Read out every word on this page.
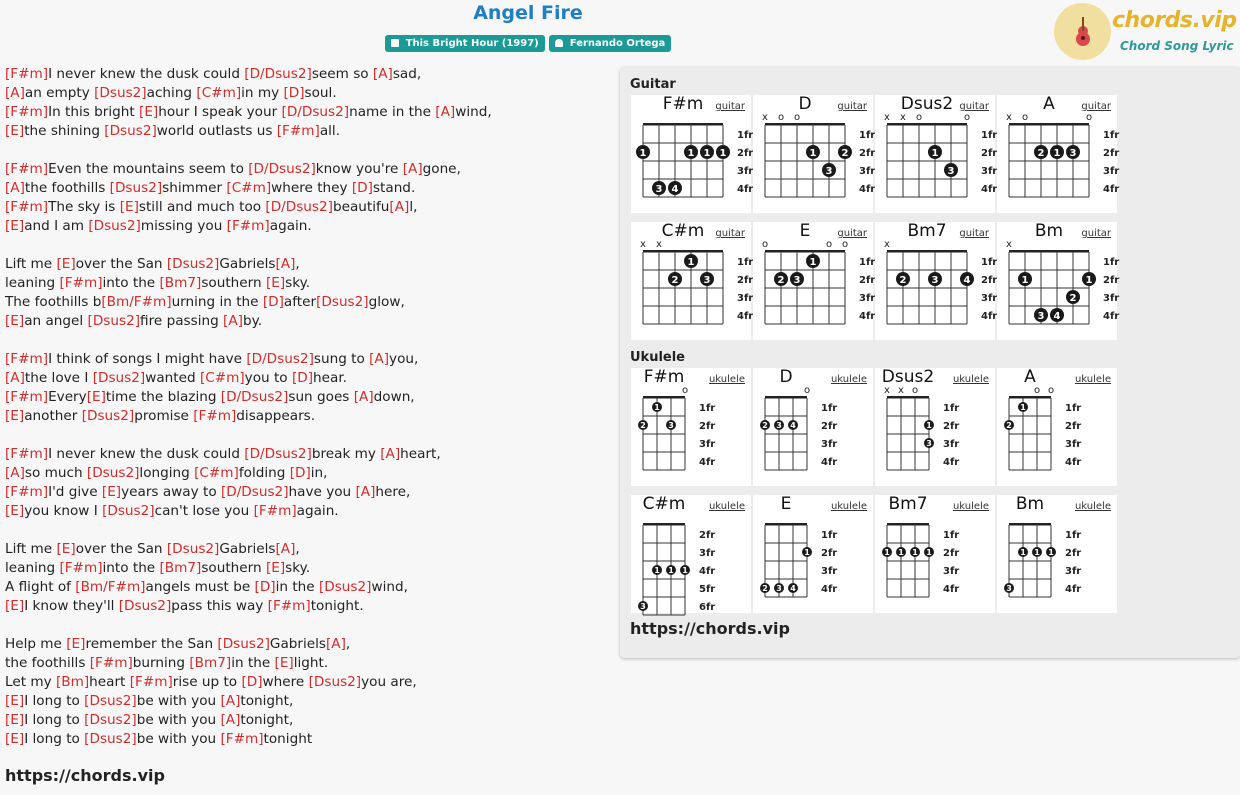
Angel Fire
This Bright Hour (1997)	Fernando Ortega
chords.vip
Chord Song Lyric
[F#m]I never knew the dusk could [D/Dsus2]seem so [A]sad,
[A]an empty [Dsus2]aching [C#m]in my [D]soul.
[F#m]In this bright [E]hour I speak your [D/Dsus2]name in the [A]wind,
[E]the shining [Dsus2]world outlasts us [F#m]all.
[F#m]Even the mountains seem to [D/Dsus2]know you're [A]gone,
[A]the foothills [Dsus2]shimmer [C#m]where they [D]stand.
[F#m]The sky is [E]still and much too [D/Dsus2]beautifu[A]l,
[E]and I am [Dsus2]missing you [F#m]again.
Lift me [E]over the San [Dsus2]Gabriels[A],
leaning [F#m]into the [Bm7]southern [E]sky.
The foothills b[Bm/F#m]urning in the [D]after[Dsus2]glow,
[E]an angel [Dsus2]fire passing [A]by.
[F#m]I think of songs I might have [D/Dsus2]sung to [A]you,
[A]the love I [Dsus2]wanted [C#m]you to [D]hear.
[F#m]Every[E]time the blazing [D/Dsus2]sun goes [A]down,
[E]another [Dsus2]promise [F#m]disappears.
[F#m]I never knew the dusk could [D/Dsus2]break my [A]heart,
[A]so much [Dsus2]longing [C#m]folding [D]in,
[F#m]I'd give [E]years away to [D/Dsus2]have you [A]here,
[E]you know I [Dsus2]can't lose you [F#m]again.
Lift me [E]over the San [Dsus2]Gabriels[A],
leaning [F#m]into the [Bm7]southern [E]sky.
A flight of [Bm/F#m]angels must be [D]in the [Dsus2]wind,
[E]I know they'll [Dsus2]pass this way [F#m]tonight.
Help me [E]remember the San [Dsus2]Gabriels[A],
the foothills [F#m]burning [Bm7]in the [E]light.
Let my [Bm]heart [F#m]rise up to [D]where [Dsus2]you are,
[E]I long to [Dsus2]be with you [A]tonight,
[E]I long to [Dsus2]be with you [A]tonight,
[E]I long to [Dsus2]be with you [F#m]tonight
https://chords.vip
Guitar
1fr
2fr
3fr
4fr
1
3 4
1 1 1
F#m	guitar
1fr
2fr
3fr
4fr
x o o
1
3
2
D	guitar
1fr
2fr
3fr
4fr
x x o	o
1
3
Dsus2 guitar
1fr
2fr
3fr
4fr
x o	o
2 1 3
A	guitar
1fr
2fr
3fr
4fr
x x
2
1
3
C#m	guitar
1fr
2fr
3fr
4fr
o	o o
2 3
1
E	guitar
1fr
2fr
3fr
4fr
x
2	3	4
Bm7	guitar
1fr
2fr
3fr
4fr
x
1
3 4
2
1
Bm	guitar
Ukulele
1fr
2fr
3fr
4fr
o
2
1
3
F#m	ukulele
1fr
2fr
3fr
4fr
o
2 3 4
D	ukulele
1fr
2fr
3fr
4fr
x x o
1
3
Dsus2	ukulele
1fr
2fr
3fr
4fr
o o
2
1
A	ukulele
2fr
3fr
4fr
5fr
6fr
3
1 1 1
C#m	ukulele
1fr
2fr
3fr
4fr
2 3 4
1
E	ukulele
1fr
2fr
3fr
4fr
1 1 1 1
Bm7	ukulele
1fr
2fr
3fr
4fr
3
1 1 1
Bm	ukulele
https://chords.vip
